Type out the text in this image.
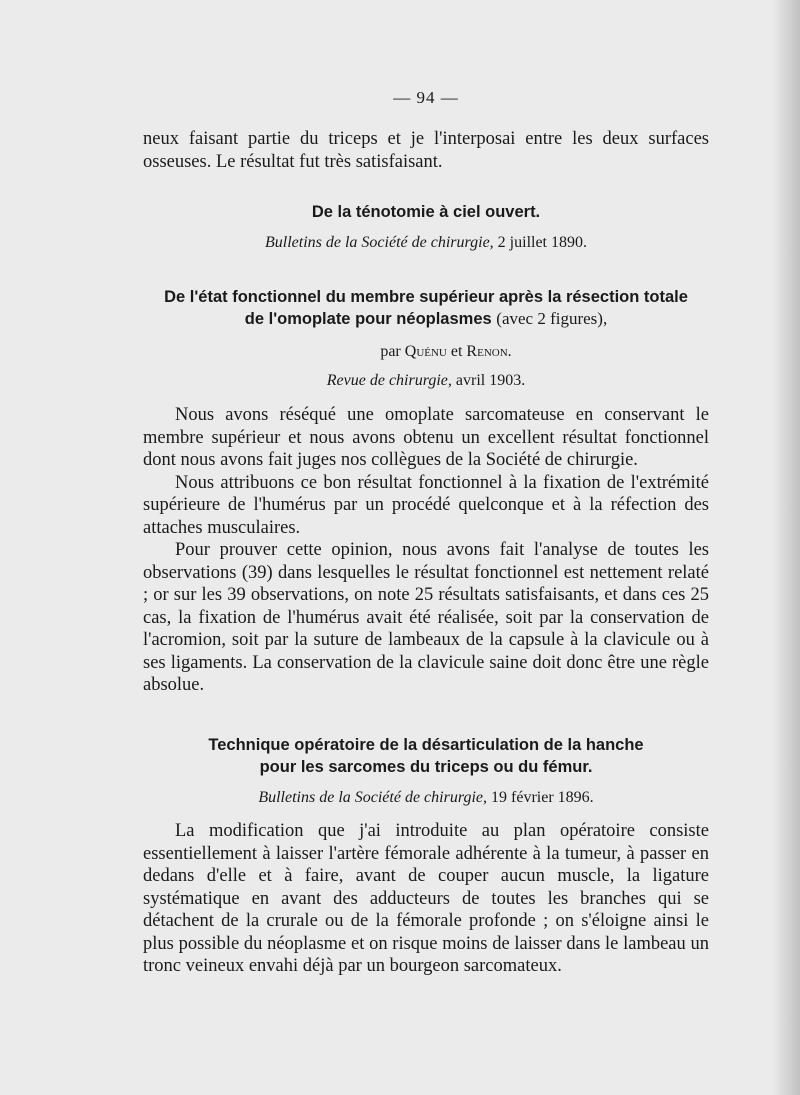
— 94 —

neux faisant partie du triceps et je l'interposai entre les deux surfaces osseuses. Le résultat fut très satisfaisant.

De la ténotomie à ciel ouvert.

Bulletins de la Société de chirurgie, 2 juillet 1890.

De l'état fonctionnel du membre supérieur après la résection totale

de l'omoplate pour néoplasmes (avec 2 figures),

par Quénu et Renon.

Revue de chirurgie, avril 1903.

Nous avons réséqué une omoplate sarcomateuse en conservant le membre supérieur et nous avons obtenu un excellent résultat fonctionnel dont nous avons fait juges nos collègues de la Société de chirurgie.

Nous attribuons ce bon résultat fonctionnel à la fixation de l'extrémité supérieure de l'humérus par un procédé quelconque et à la réfection des attaches musculaires.

Pour prouver cette opinion, nous avons fait l'analyse de toutes les observations (39) dans lesquelles le résultat fonctionnel est nettement relaté ; or sur les 39 observations, on note 25 résultats satisfaisants, et dans ces 25 cas, la fixation de l'humérus avait été réalisée, soit par la conservation de l'acromion, soit par la suture de lambeaux de la capsule à la clavicule ou à ses ligaments. La conservation de la clavicule saine doit donc être une règle absolue.

Technique opératoire de la désarticulation de la hanche

pour les sarcomes du triceps ou du fémur.

Bulletins de la Société de chirurgie, 19 février 1896.

La modification que j'ai introduite au plan opératoire consiste essentiellement à laisser l'artère fémorale adhérente à la tumeur, à passer en dedans d'elle et à faire, avant de couper aucun muscle, la ligature systématique en avant des adducteurs de toutes les branches qui se détachent de la crurale ou de la fémorale profonde ; on s'éloigne ainsi le plus possible du néoplasme et on risque moins de laisser dans le lambeau un tronc veineux envahi déjà par un bourgeon sarcomateux.
